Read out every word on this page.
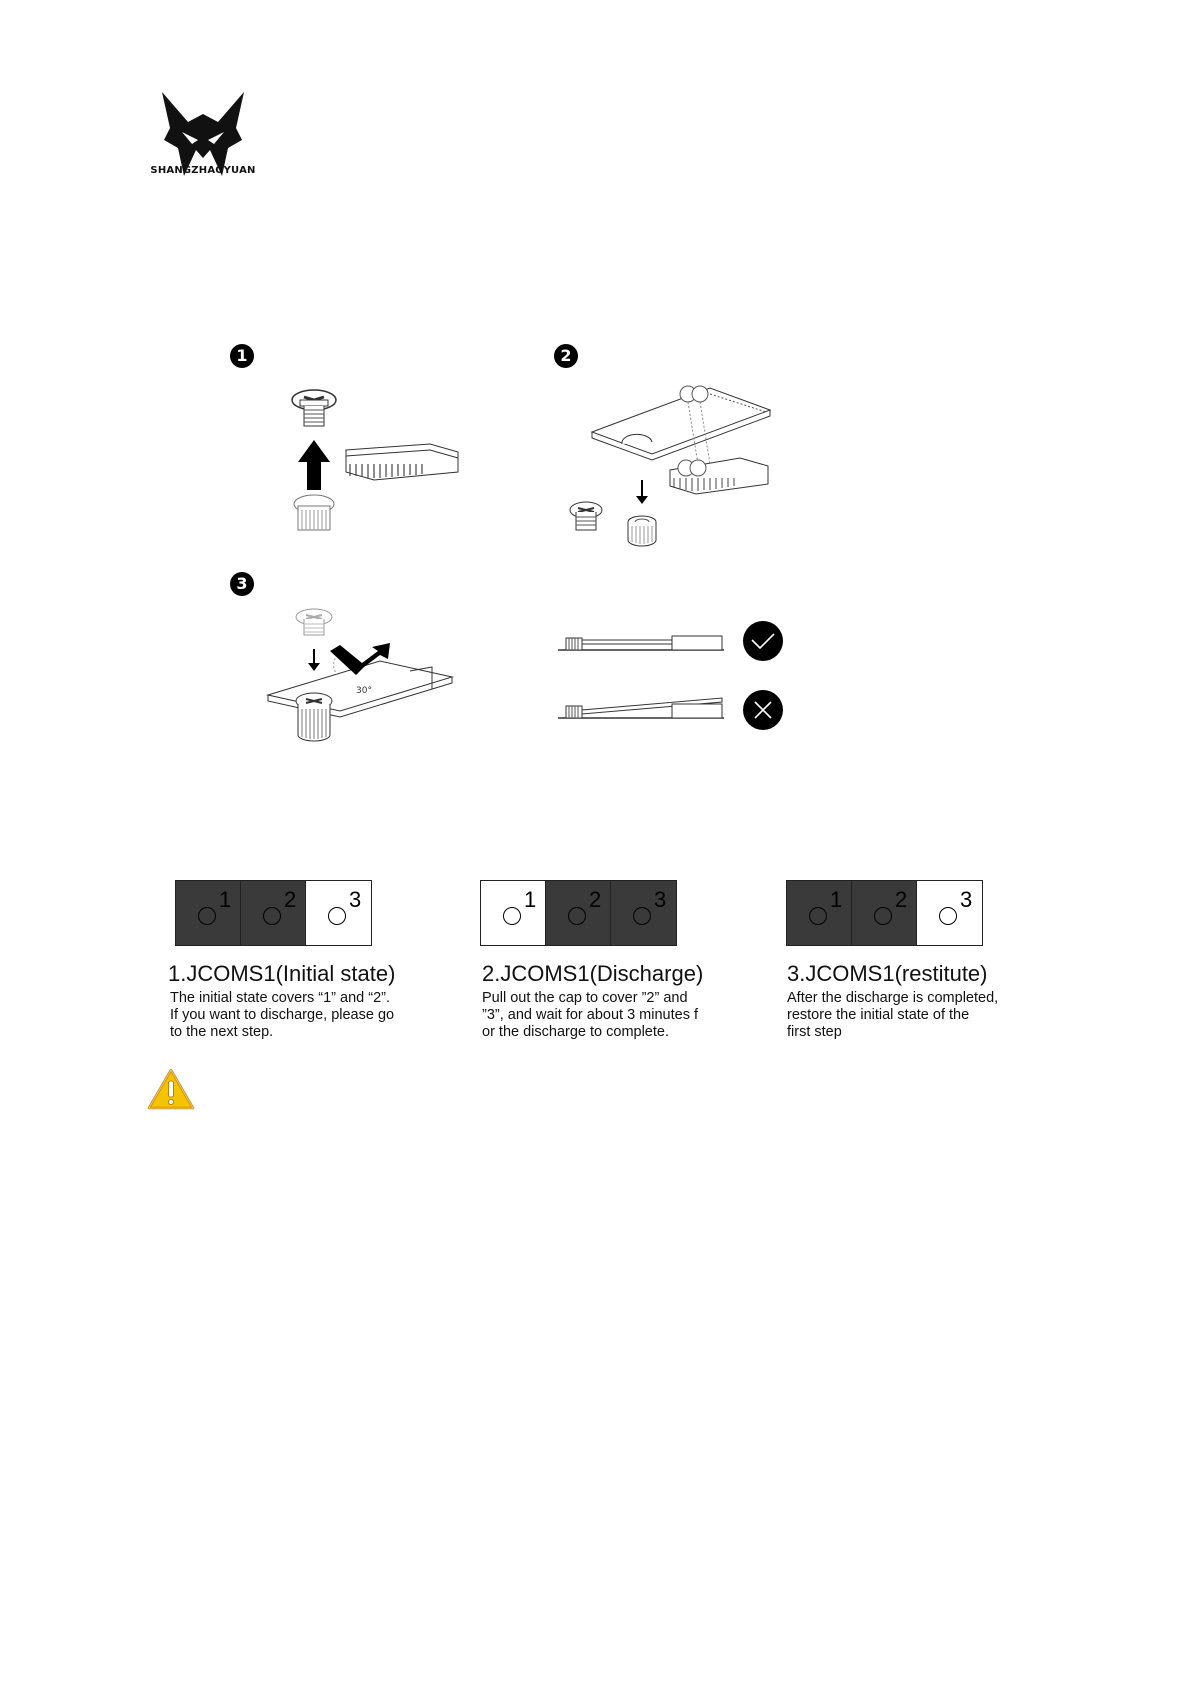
SHANGZHAOYUAN
1	2
3
30°
1 2 3
1.JCOMS1(Initial state)
The initial state covers “1” and “2”.
If you want to discharge, please go
to the next step.
1 2 3
2.JCOMS1(Discharge)
Pull out the cap to cover ”2” and
”3”, and wait for about 3 minutes f
or the discharge to complete.
1 2 3
3.JCOMS1(restitute)
After the discharge is completed,
restore the initial state of the
first step
